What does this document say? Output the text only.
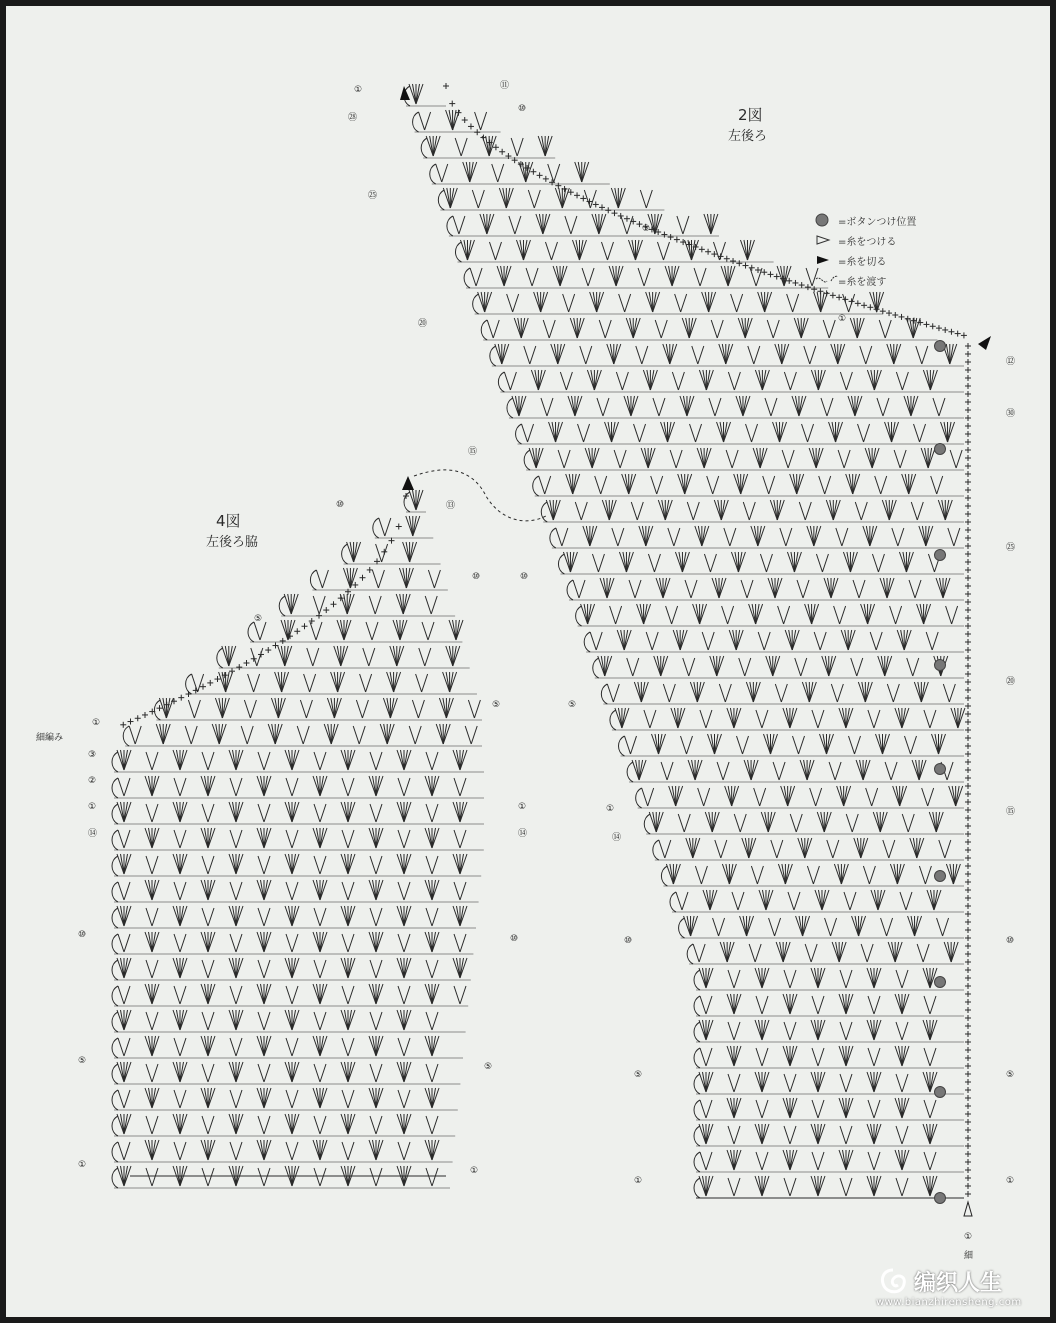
2図
左後ろ
4図
左後ろ脇
=ボタンつけ位置
=糸をつける
=糸を切る
=糸を渡す
①
㉘
㉕
⑳
⑮
⑩
⑤
①
⑭
⑩
⑤
①
⑪
⑩
⑤
①
⑫
㉚
㉕
⑳
⑮
⑩
⑤
①
①
細
①
細編み
③
②
①
⑭
⑩
⑤
①
⑩
⑤
⑬
⑩
⑤
①
⑭
⑩
⑤
①
编织人生
www.bianzhirensheng.com
